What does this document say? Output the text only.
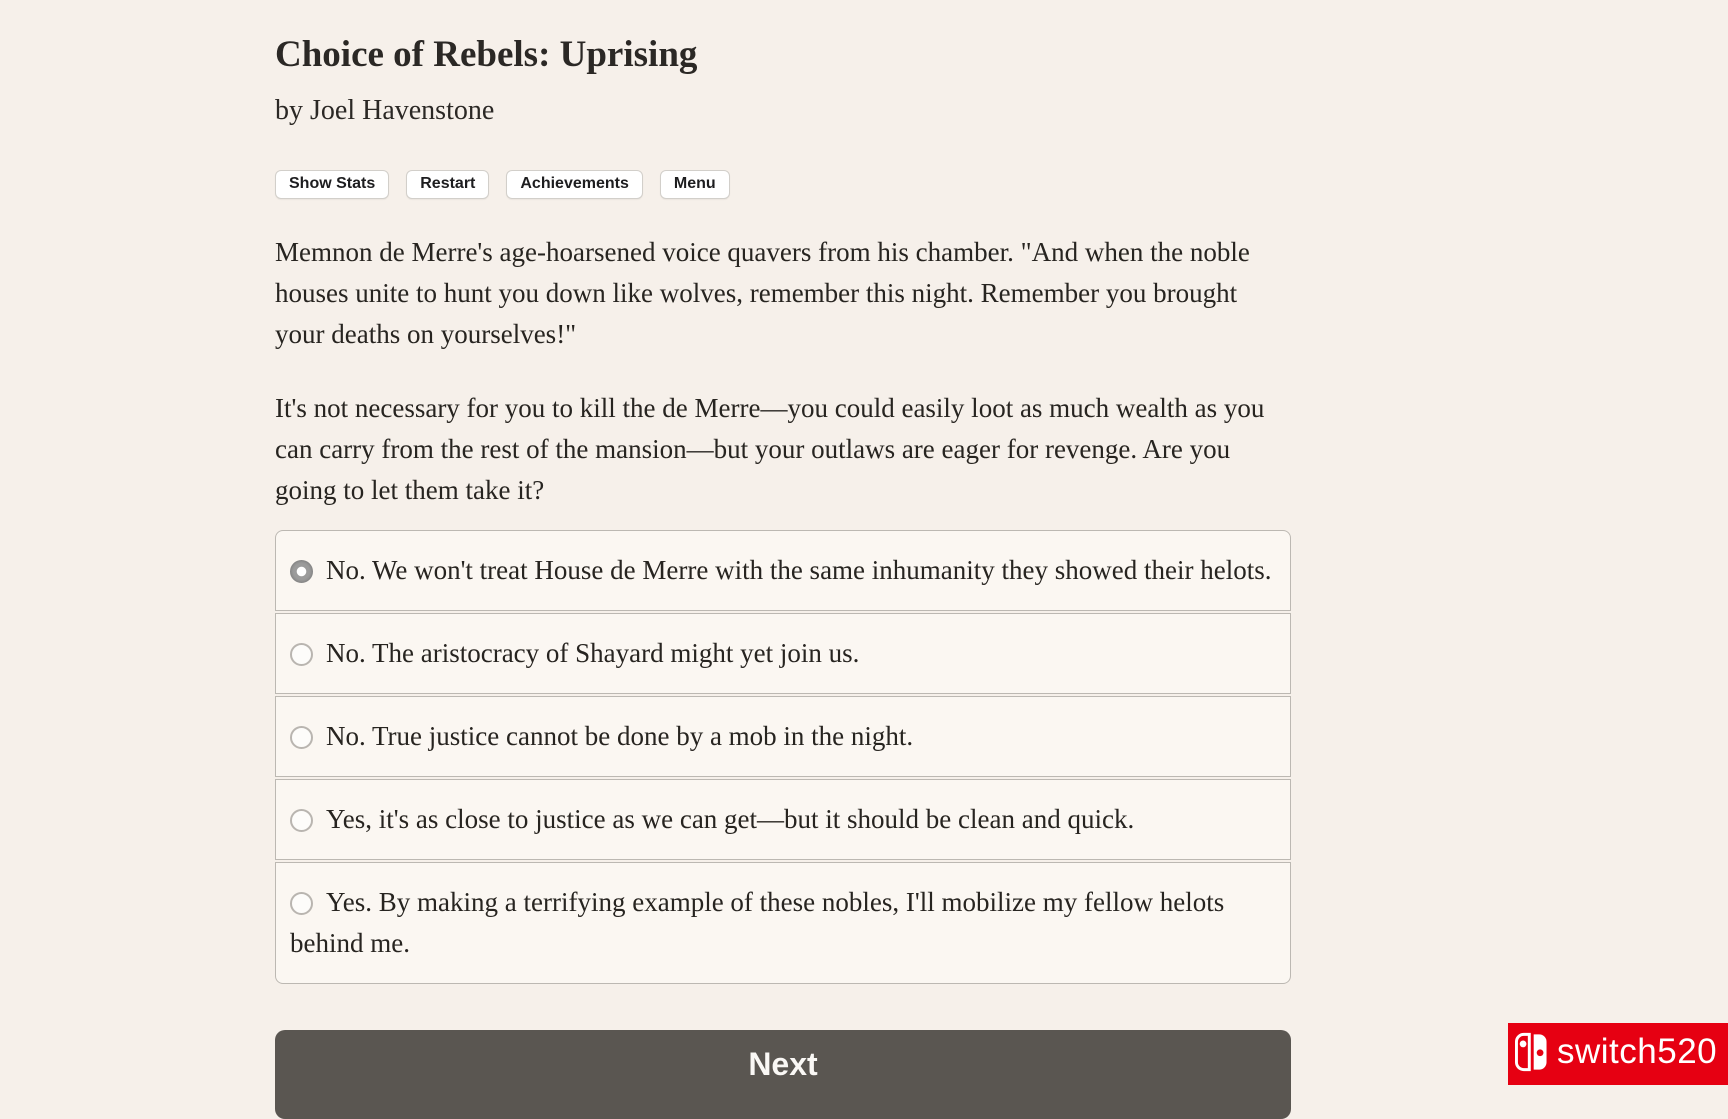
Choice of Rebels: Uprising
by Joel Havenstone
Show Stats	Restart	Achievements	Menu

Memnon de Merre's age-hoarsened voice quavers from his chamber. "And when the noble houses unite to hunt you down like wolves, remember this night. Remember you brought your deaths on yourselves!"

It's not necessary for you to kill the de Merre—you could easily loot as much wealth as you can carry from the rest of the mansion—but your outlaws are eager for revenge. Are you going to let them take it?

No. We won't treat House de Merre with the same inhumanity they showed their helots.
No. The aristocracy of Shayard might yet join us.
No. True justice cannot be done by a mob in the night.
Yes, it's as close to justice as we can get—but it should be clean and quick.
Yes. By making a terrifying example of these nobles, I'll mobilize my fellow helots behind me.
Next	switch520
